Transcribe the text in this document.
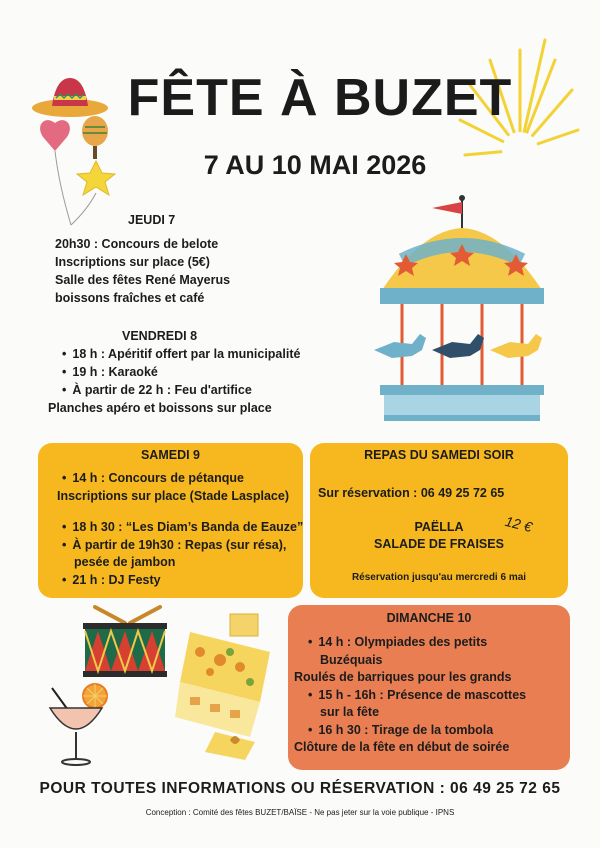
FÊTE À BUZET
7 AU 10 MAI 2026
JEUDI 7
20h30 : Concours de belote
Inscriptions sur place (5€)
Salle des fêtes René Mayerus
boissons fraîches et café
VENDREDI 8
• 18 h : Apéritif offert par la municipalité
• 19 h : Karaoké
• À partir de 22 h : Feu d'artifice
Planches apéro et boissons sur place
SAMEDI 9
• 14 h : Concours de pétanque
Inscriptions sur place (Stade Lasplace)
• 18 h 30 : “Les Diam’s Banda de Eauze”
• À partir de 19h30 : Repas (sur résa),
pesée de jambon
• 21 h : DJ Festy
REPAS DU SAMEDI SOIR
Sur réservation : 06 49 25 72 65
PAËLLA
SALADE DE FRAISES
12 €
Réservation jusqu'au mercredi 6 mai
DIMANCHE 10
• 14 h : Olympiades des petits
Buzéquais
Roulés de barriques pour les grands
• 15 h - 16h : Présence de mascottes
sur la fête
• 16 h 30 : Tirage de la tombola
Clôture de la fête en début de soirée
POUR TOUTES INFORMATIONS OU RÉSERVATION : 06 49 25 72 65
Conception : Comité des fêtes BUZET/BAÏSE - Ne pas jeter sur la voie publique - IPNS
